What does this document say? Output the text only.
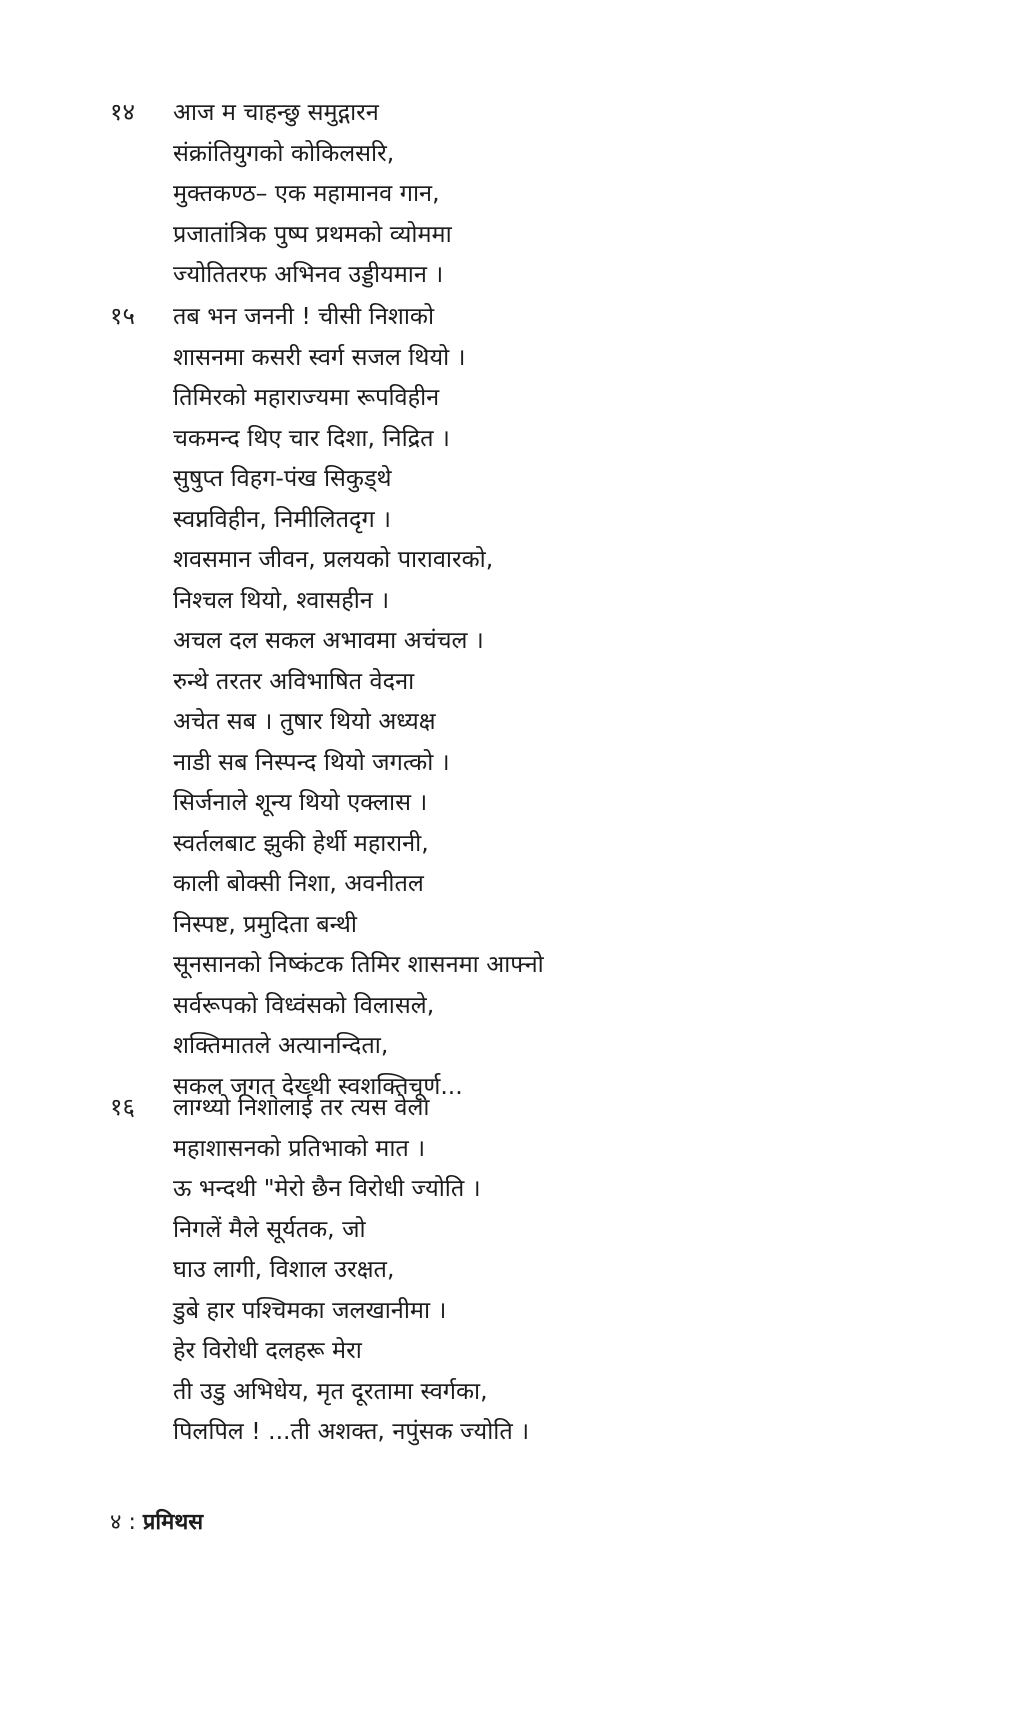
१४	आज म चाहन्छु समुद्गारन
संक्रांतियुगको कोकिलसरि,
मुक्तकण्ठ– एक महामानव गान,
प्रजातांत्रिक पुष्प प्रथमको व्योममा
ज्योतितरफ अभिनव उड्डीयमान ।
१५	तब भन जननी ! चीसी निशाको
शासनमा कसरी स्वर्ग सजल थियो ।
तिमिरको महाराज्यमा रूपविहीन
चकमन्द थिए चार दिशा, निद्रित ।
सुषुप्त विहग-पंख सिकुड्थे
स्वप्नविहीन, निमीलितदृग ।
शवसमान जीवन, प्रलयको पारावारको,
निश्चल थियो, श्वासहीन ।
अचल दल सकल अभावमा अचंचल ।
रुन्थे तरतर अविभाषित वेदना
अचेत सब । तुषार थियो अध्यक्ष
नाडी सब निस्पन्द थियो जगत्को ।
सिर्जनाले शून्य थियो एक्लास ।
स्वर्तलबाट झुकी हेर्थी महारानी,
काली बोक्सी निशा, अवनीतल
निस्पष्ट, प्रमुदिता बन्थी
सूनसानको निष्कंटक तिमिर शासनमा आफ्नो
सर्वरूपको विध्वंसको विलासले,
शक्तिमातले अत्यानन्दिता,
सकल जगत् देख्थी स्वशक्तिचूर्ण...
१६	लाग्थ्यो निशालाई तर त्यस वेला
महाशासनको प्रतिभाको मात ।
ऊ भन्दथी "मेरो छैन विरोधी ज्योति ।
निगलें मैले सूर्यतक, जो
घाउ लागी, विशाल उरक्षत,
डुबे हार पश्चिमका जलखानीमा ।
हेर विरोधी दलहरू मेरा
ती उडु अभिधेय, मृत दूरतामा स्वर्गका,
पिलपिल ! ...ती अशक्त, नपुंसक ज्योति ।
४ : प्रमिथस
